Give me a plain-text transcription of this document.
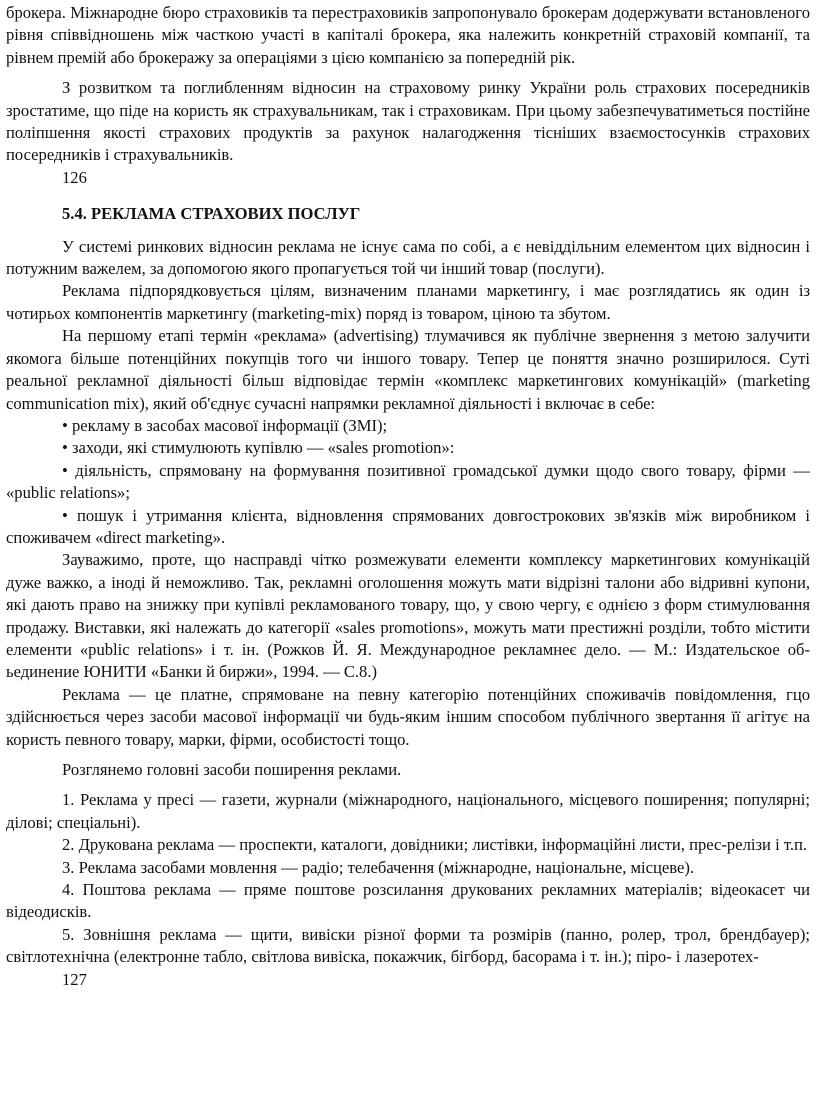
брокера. Міжнародне бюро страховиків та перестраховиків запропонувало брокерам додержувати встановленого рівня співвідношень між часткою участі в капіталі брокера, яка належить конкретній страховій компанії, та рівнем премій або брокеражу за операціями з цією компанією за попередній рік.

З розвитком та поглибленням відносин на страховому ринку України роль страхових посередників зростатиме, що піде на користь як страхувальникам, так і страховикам. При цьому забезпечуватиметься постійне поліпшення якості страхових продуктів за рахунок налагодження тісніших взаємостосунків страхових посередників і страхувальників.

126

5.4. РЕКЛАМА СТРАХОВИХ ПОСЛУГ

У системі ринкових відносин реклама не існує сама по собі, а є невіддільним елементом цих відносин і потужним важелем, за допомогою якого пропагується той чи інший товар (послуги).

Реклама підпорядковується цілям, визначеним планами маркетингу, і має розглядатись як один із чотирьох компонентів маркетингу (marketing-mix) поряд із товаром, ціною та збутом.

На першому етапі термін «реклама» (advertising) тлумачився як публічне звернення з метою залучити якомога більше потенційних покупців того чи іншого товару. Тепер це поняття значно розширилося. Суті реальної рекламної діяльності більш відповідає термін «комплекс маркетингових комунікацій» (marketing communication mix), який об'єднує сучасні напрямки рекламної діяльності і включає в себе:

• рекламу в засобах масової інформації (ЗМІ);

• заходи, які стимулюють купівлю — «sales promotion»:

• діяльність, спрямовану на формування позитивної громадської думки щодо свого товару, фірми — «public relations»;

• пошук і утримання клієнта, відновлення спрямованих довгострокових зв'язків між виробником і споживачем «direct marketing».

Зауважимо, проте, що насправді чітко розмежувати елементи комплексу маркетингових комунікацій дуже важко, а іноді й неможливо. Так, рекламні оголошення можуть мати відрізні талони або відривні купони, які дають право на знижку при купівлі рекламованого товару, що, у свою чергу, є однією з форм стимулювання продажу. Виставки, які належать до категорії «sales promotions», можуть мати престижні розділи, тобто містити елементи «public relations» і т. ін. (Рожков Й. Я. Международное рекламнеє дело. — М.: Издательское об-ьединение ЮНИТИ «Банки й биржи», 1994. — С.8.)

Реклама — це платне, спрямоване на певну категорію потенційних споживачів повідомлення, гцо здійснюється через засоби масової інформації чи будь-яким іншим способом публічного звертання її агітує на користь певного товару, марки, фірми, особистості тощо.

Розглянемо головні засоби поширення реклами.

1. Реклама у пресі — газети, журнали (міжнародного, національного, місцевого поширення; популярні; ділові; спеціальні).

2. Друкована реклама — проспекти, каталоги, довідники; листівки, інформаційні листи, прес-релізи і т.п.

3. Реклама засобами мовлення — радіо; телебачення (міжнародне, національне, місцеве).

4. Поштова реклама — пряме поштове розсилання друкованих рекламних матеріалів; відеокасет чи відеодисків.

5. Зовнішня реклама — щити, вивіски різної форми та розмірів (панно, ролер, трол, брендбауер); світлотехнічна (електронне табло, світлова вивіска, покажчик, бігборд, басорама і т. ін.); піро- і лазеротех-

127
